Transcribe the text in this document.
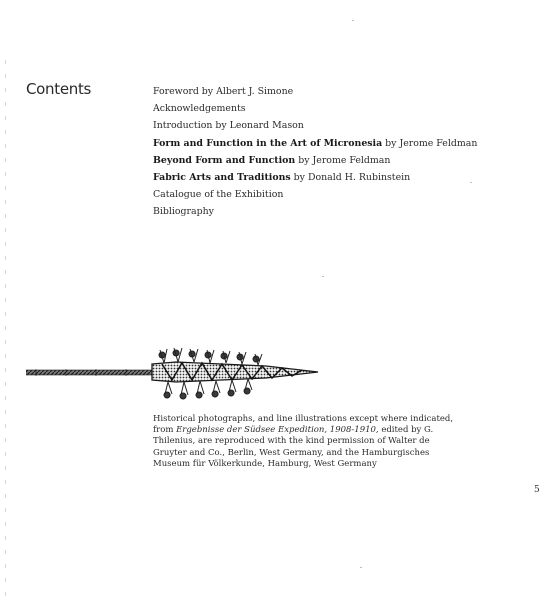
Contents	Foreword by Albert J. Simone
Acknowledgements
Introduction by Leonard Mason
Form and Function in the Art of Micronesia by Jerome Feldman
Beyond Form and Function by Jerome Feldman
Fabric Arts and Traditions by Donald H. Rubinstein
Catalogue of the Exhibition
Bibliography
Historical photographs, and line illustrations except where indicated, from Ergebnisse der Südsee Expedition, 1908-1910, edited by G. Thilenius, are reproduced with the kind permission of Walter de Gruyter and Co., Berlin, West Germany, and the Hamburgisches Museum für Völkerkunde, Hamburg, West Germany
5
